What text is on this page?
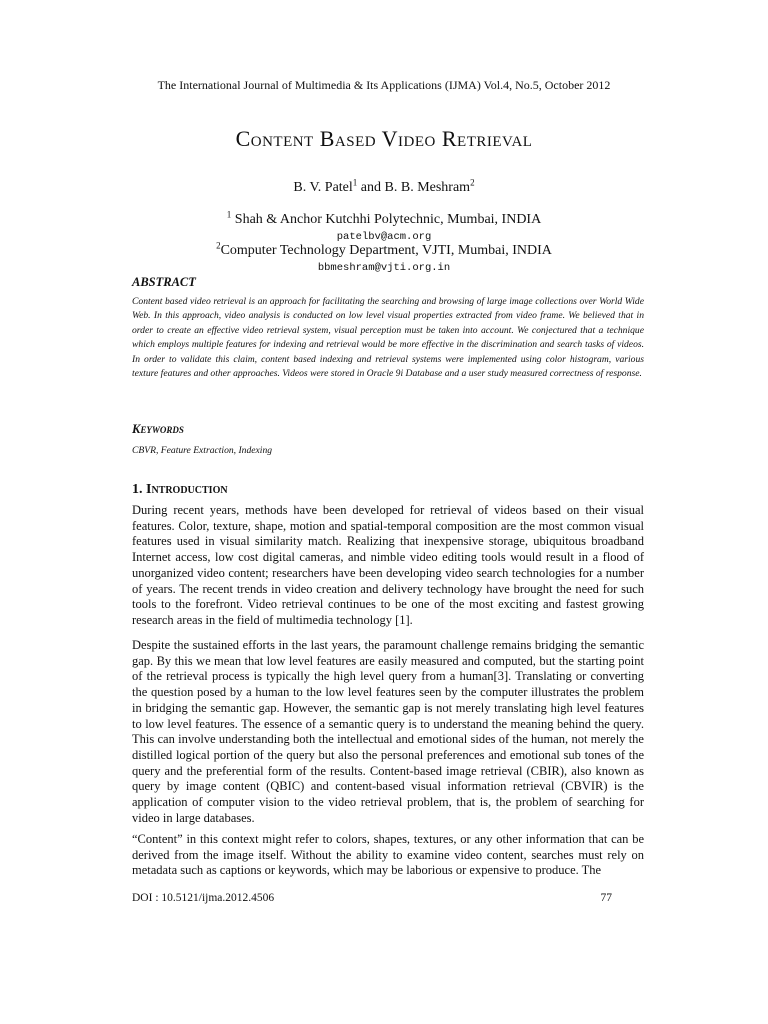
The International Journal of Multimedia & Its Applications (IJMA) Vol.4, No.5, October 2012
Content Based Video Retrieval
B. V. Patel$^1$ and B. B. Meshram$^2$
$^1$ Shah & Anchor Kutchhi Polytechnic, Mumbai, INDIA
patelbv@acm.org
$^2$Computer Technology Department, VJTI, Mumbai, INDIA
bbmeshram@vjti.org.in
ABSTRACT
Content based video retrieval is an approach for facilitating the searching and browsing of large image collections over World Wide Web. In this approach, video analysis is conducted on low level visual properties extracted from video frame. We believed that in order to create an effective video retrieval system, visual perception must be taken into account. We conjectured that a technique which employs multiple features for indexing and retrieval would be more effective in the discrimination and search tasks of videos. In order to validate this claim, content based indexing and retrieval systems were implemented using color histogram, various texture features and other approaches. Videos were stored in Oracle 9i Database and a user study measured correctness of response.
Keywords
CBVR, Feature Extraction, Indexing
1. Introduction
During recent years, methods have been developed for retrieval of videos based on their visual features. Color, texture, shape, motion and spatial-temporal composition are the most common visual features used in visual similarity match. Realizing that inexpensive storage, ubiquitous broadband Internet access, low cost digital cameras, and nimble video editing tools would result in a flood of unorganized video content; researchers have been developing video search technologies for a number of years. The recent trends in video creation and delivery technology have brought the need for such tools to the forefront. Video retrieval continues to be one of the most exciting and fastest growing research areas in the field of multimedia technology [1].
Despite the sustained efforts in the last years, the paramount challenge remains bridging the semantic gap. By this we mean that low level features are easily measured and computed, but the starting point of the retrieval process is typically the high level query from a human[3]. Translating or converting the question posed by a human to the low level features seen by the computer illustrates the problem in bridging the semantic gap. However, the semantic gap is not merely translating high level features to low level features. The essence of a semantic query is to understand the meaning behind the query. This can involve understanding both the intellectual and emotional sides of the human, not merely the distilled logical portion of the query but also the personal preferences and emotional sub tones of the query and the preferential form of the results. Content-based image retrieval (CBIR), also known as query by image content (QBIC) and content-based visual information retrieval (CBVIR) is the application of computer vision to the video retrieval problem, that is, the problem of searching for video in large databases.
“Content” in this context might refer to colors, shapes, textures, or any other information that can be derived from the image itself. Without the ability to examine video content, searches must rely on metadata such as captions or keywords, which may be laborious or expensive to produce. The
DOI : 10.5121/ijma.2012.4506	77
